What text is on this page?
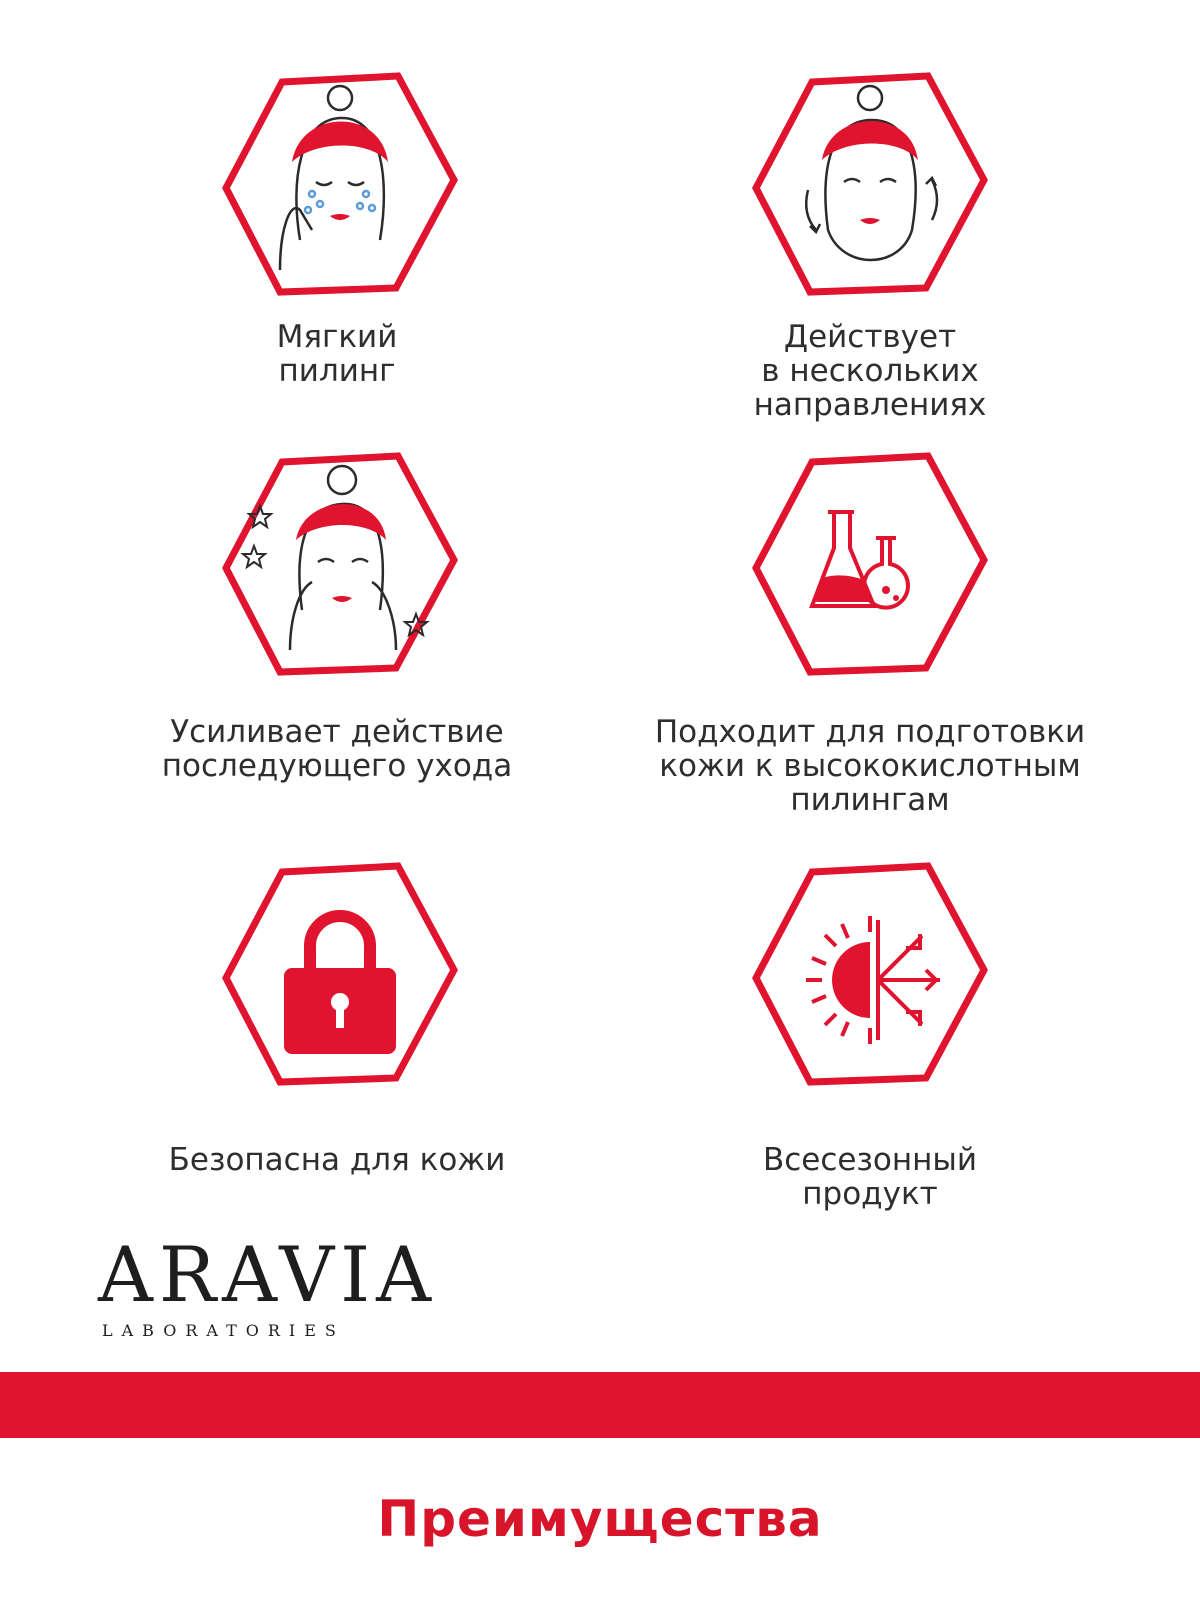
Мягкий
пилинг
Действует
в нескольких
направлениях
Усиливает действие
последующего ухода
Подходит для подготовки
кожи к высококислотным
пилингам
Безопасна для кожи	Всесезонный
продукт
ARAVIA
LABORATORIES
Преимущества
